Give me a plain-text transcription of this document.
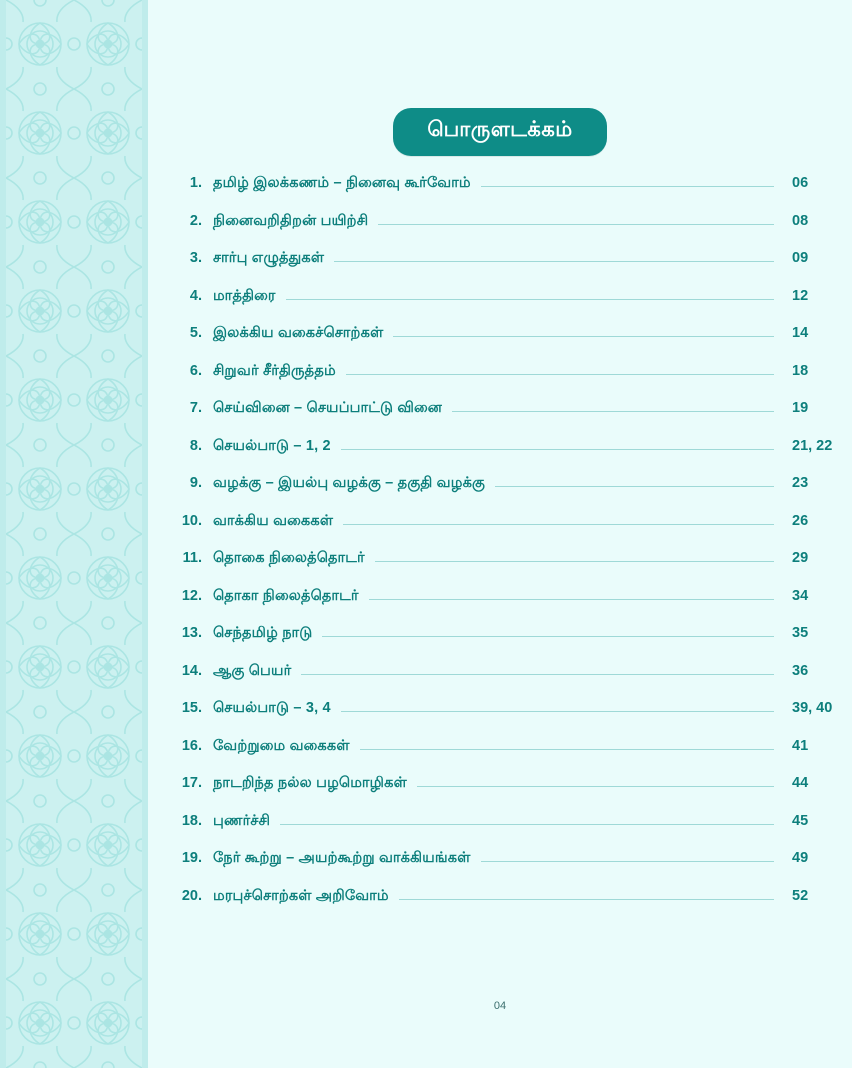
பொருளடக்கம்
1. தமிழ் இலக்கணம் – நினைவு கூர்வோம்	06
2. நினைவறிதிறன் பயிற்சி	08
3. சார்பு எழுத்துகள்	09
4. மாத்திரை	12
5. இலக்கிய வகைச்சொற்கள்	14
6. சிறுவர் சீர்திருத்தம்	18
7. செய்வினை – செயப்பாட்டு வினை	19
8. செயல்பாடு – 1, 2	21, 22
9. வழக்கு – இயல்பு வழக்கு – தகுதி வழக்கு	23
10. வாக்கிய வகைகள்	26
11. தொகை நிலைத்தொடர்	29
12. தொகா நிலைத்தொடர்	34
13. செந்தமிழ் நாடு	35
14. ஆகு பெயர்	36
15. செயல்பாடு – 3, 4	39, 40
16. வேற்றுமை வகைகள்	41
17. நாடறிந்த நல்ல பழமொழிகள்	44
18. புணர்ச்சி	45
19. நேர் கூற்று – அயற்கூற்று வாக்கியங்கள்	49
20. மரபுச்சொற்கள் அறிவோம்	52
04
